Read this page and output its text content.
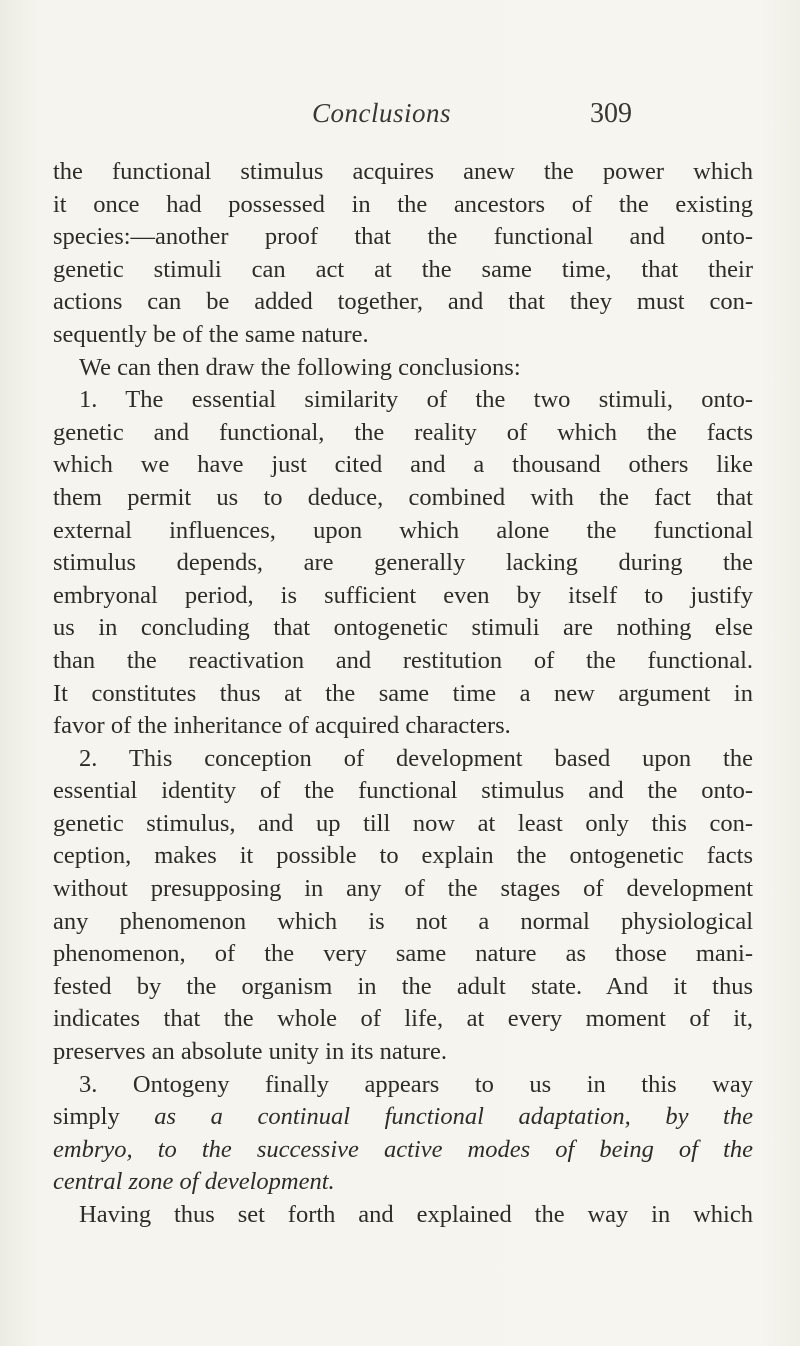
Conclusions	309
the functional stimulus acquires anew the power which
it once had possessed in the ancestors of the existing
species:—another proof that the functional and onto-
genetic stimuli can act at the same time, that their
actions can be added together, and that they must con-
sequently be of the same nature.
We can then draw the following conclusions:
1. The essential similarity of the two stimuli, onto-
genetic and functional, the reality of which the facts
which we have just cited and a thousand others like
them permit us to deduce, combined with the fact that
external influences, upon which alone the functional
stimulus depends, are generally lacking during the
embryonal period, is sufficient even by itself to justify
us in concluding that ontogenetic stimuli are nothing else
than the reactivation and restitution of the functional.
It constitutes thus at the same time a new argument in
favor of the inheritance of acquired characters.
2. This conception of development based upon the
essential identity of the functional stimulus and the onto-
genetic stimulus, and up till now at least only this con-
ception, makes it possible to explain the ontogenetic facts
without presupposing in any of the stages of development
any phenomenon which is not a normal physiological
phenomenon, of the very same nature as those mani-
fested by the organism in the adult state. And it thus
indicates that the whole of life, at every moment of it,
preserves an absolute unity in its nature.
3. Ontogeny finally appears to us in this way
simply as a continual functional adaptation, by the
embryo, to the successive active modes of being of the
central zone of development.
Having thus set forth and explained the way in which
